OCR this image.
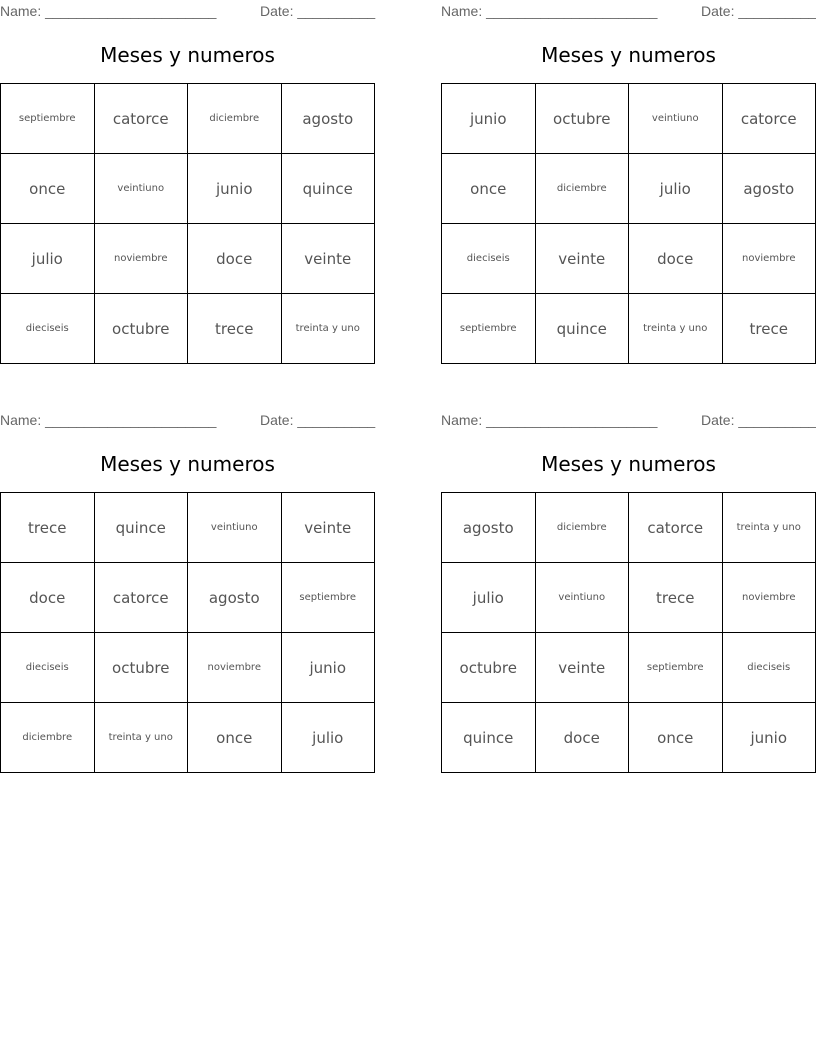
Name: ______________________	Date: __________
Meses y numeros
septiembre	catorce	diciembre	agosto
once	veintiuno	junio	quince
julio	noviembre	doce	veinte
dieciseis	octubre	trece	treinta y uno
Name: ______________________	Date: __________
Meses y numeros
junio	octubre	veintiuno	catorce
once	diciembre	julio	agosto
dieciseis	veinte	doce	noviembre
septiembre	quince	treinta y uno	trece
Name: ______________________	Date: __________
Meses y numeros
trece	quince	veintiuno	veinte
doce	catorce	agosto	septiembre
dieciseis	octubre	noviembre	junio
diciembre	treinta y uno	once	julio
Name: ______________________	Date: __________
Meses y numeros
agosto	diciembre	catorce	treinta y uno
julio	veintiuno	trece	noviembre
octubre	veinte	septiembre	dieciseis
quince	doce	once	junio
